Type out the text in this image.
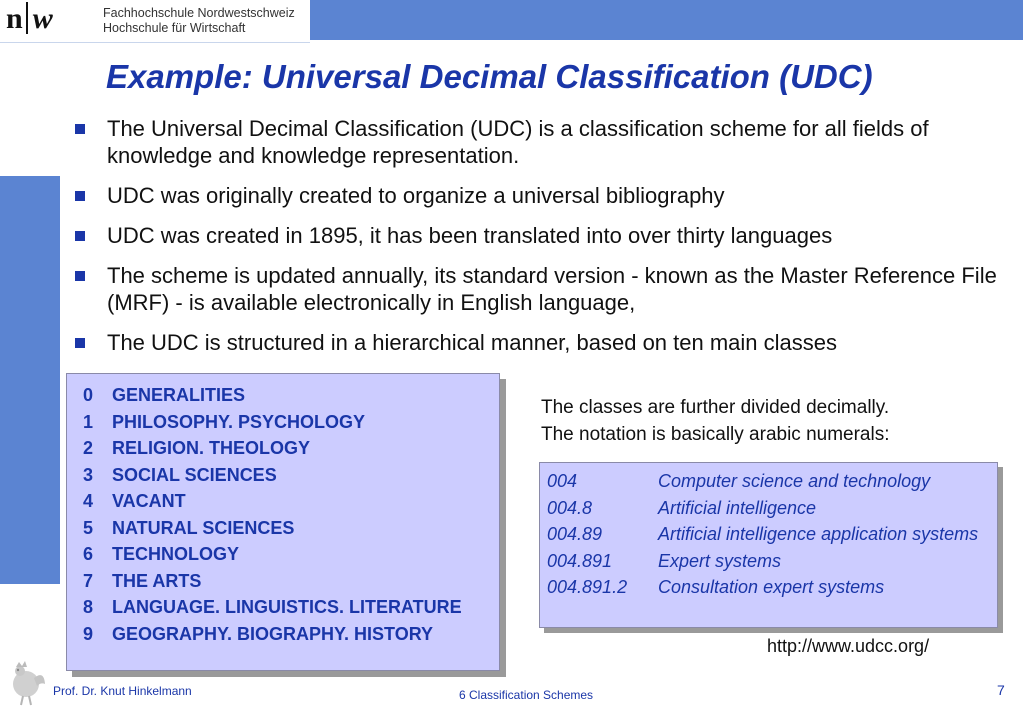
n w	Fachhochschule Nordwestschweiz
Hochschule für Wirtschaft
Example: Universal Decimal Classification (UDC)
The Universal Decimal Classification (UDC) is a classification scheme for all fields of knowledge and knowledge representation.
UDC was originally created to organize a universal bibliography
UDC was created in 1895, it has been translated into over thirty languages
The scheme is updated annually, its standard version - known as the Master Reference File (MRF) - is available electronically in English language,
The UDC is structured in a hierarchical manner, based on ten main classes
0	GENERALITIES
1	PHILOSOPHY. PSYCHOLOGY
2	RELIGION. THEOLOGY
3	SOCIAL SCIENCES
4	VACANT
5	NATURAL SCIENCES
6	TECHNOLOGY
7	THE ARTS
8	LANGUAGE. LINGUISTICS. LITERATURE
9	GEOGRAPHY. BIOGRAPHY. HISTORY
The classes are further divided decimally.
The notation is basically arabic numerals:
004	Computer science and technology
004.8	Artificial intelligence
004.89	Artificial intelligence application systems
004.891	Expert systems
004.891.2	Consultation expert systems
http://www.udcc.org/
Prof. Dr. Knut Hinkelmann	6 Classification Schemes	7
